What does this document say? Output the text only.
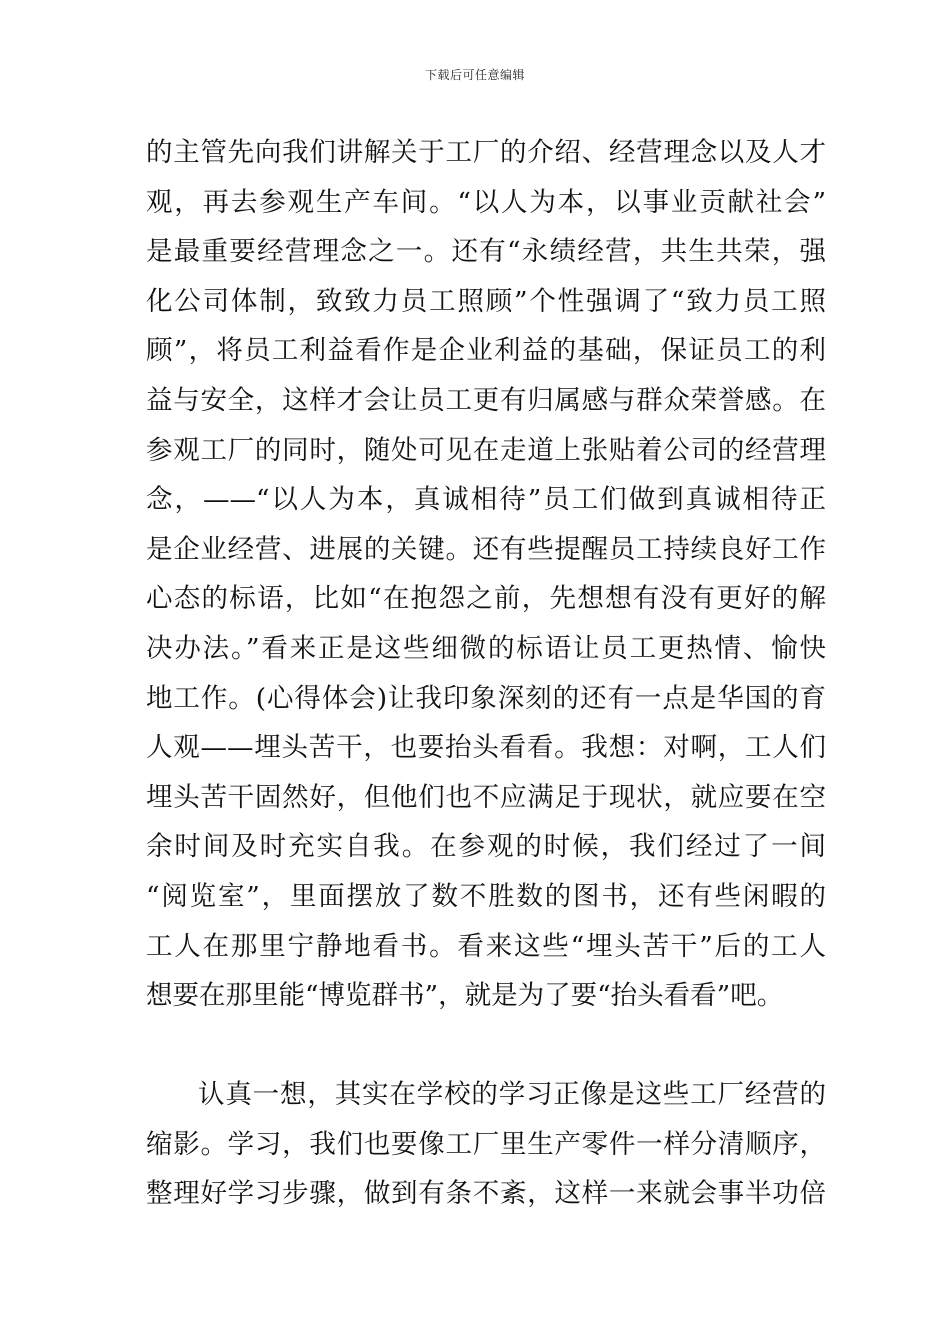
下载后可任意编辑
的主管先向我们讲解关于工厂的介绍、经营理念以及人才
观，再去参观生产车间。“以人为本，以事业贡献社会”
是最重要经营理念之一。还有“永绩经营，共生共荣，强
化公司体制，致致力员工照顾”个性强调了“致力员工照
顾”，将员工利益看作是企业利益的基础，保证员工的利
益与安全，这样才会让员工更有归属感与群众荣誉感。在
参观工厂的同时，随处可见在走道上张贴着公司的经营理
念，——“以人为本，真诚相待”员工们做到真诚相待正
是企业经营、进展的关键。还有些提醒员工持续良好工作
心态的标语，比如“在抱怨之前，先想想有没有更好的解
决办法。”看来正是这些细微的标语让员工更热情、愉快
地工作。(心得体会)让我印象深刻的还有一点是华国的育
人观——埋头苦干，也要抬头看看。我想：对啊，工人们
埋头苦干固然好，但他们也不应满足于现状，就应要在空
余时间及时充实自我。在参观的时候，我们经过了一间
“阅览室”，里面摆放了数不胜数的图书，还有些闲暇的
工人在那里宁静地看书。看来这些“埋头苦干”后的工人
想要在那里能“博览群书”，就是为了要“抬头看看”吧。
认真一想，其实在学校的学习正像是这些工厂经营的
缩影。学习，我们也要像工厂里生产零件一样分清顺序，
整理好学习步骤，做到有条不紊，这样一来就会事半功倍
